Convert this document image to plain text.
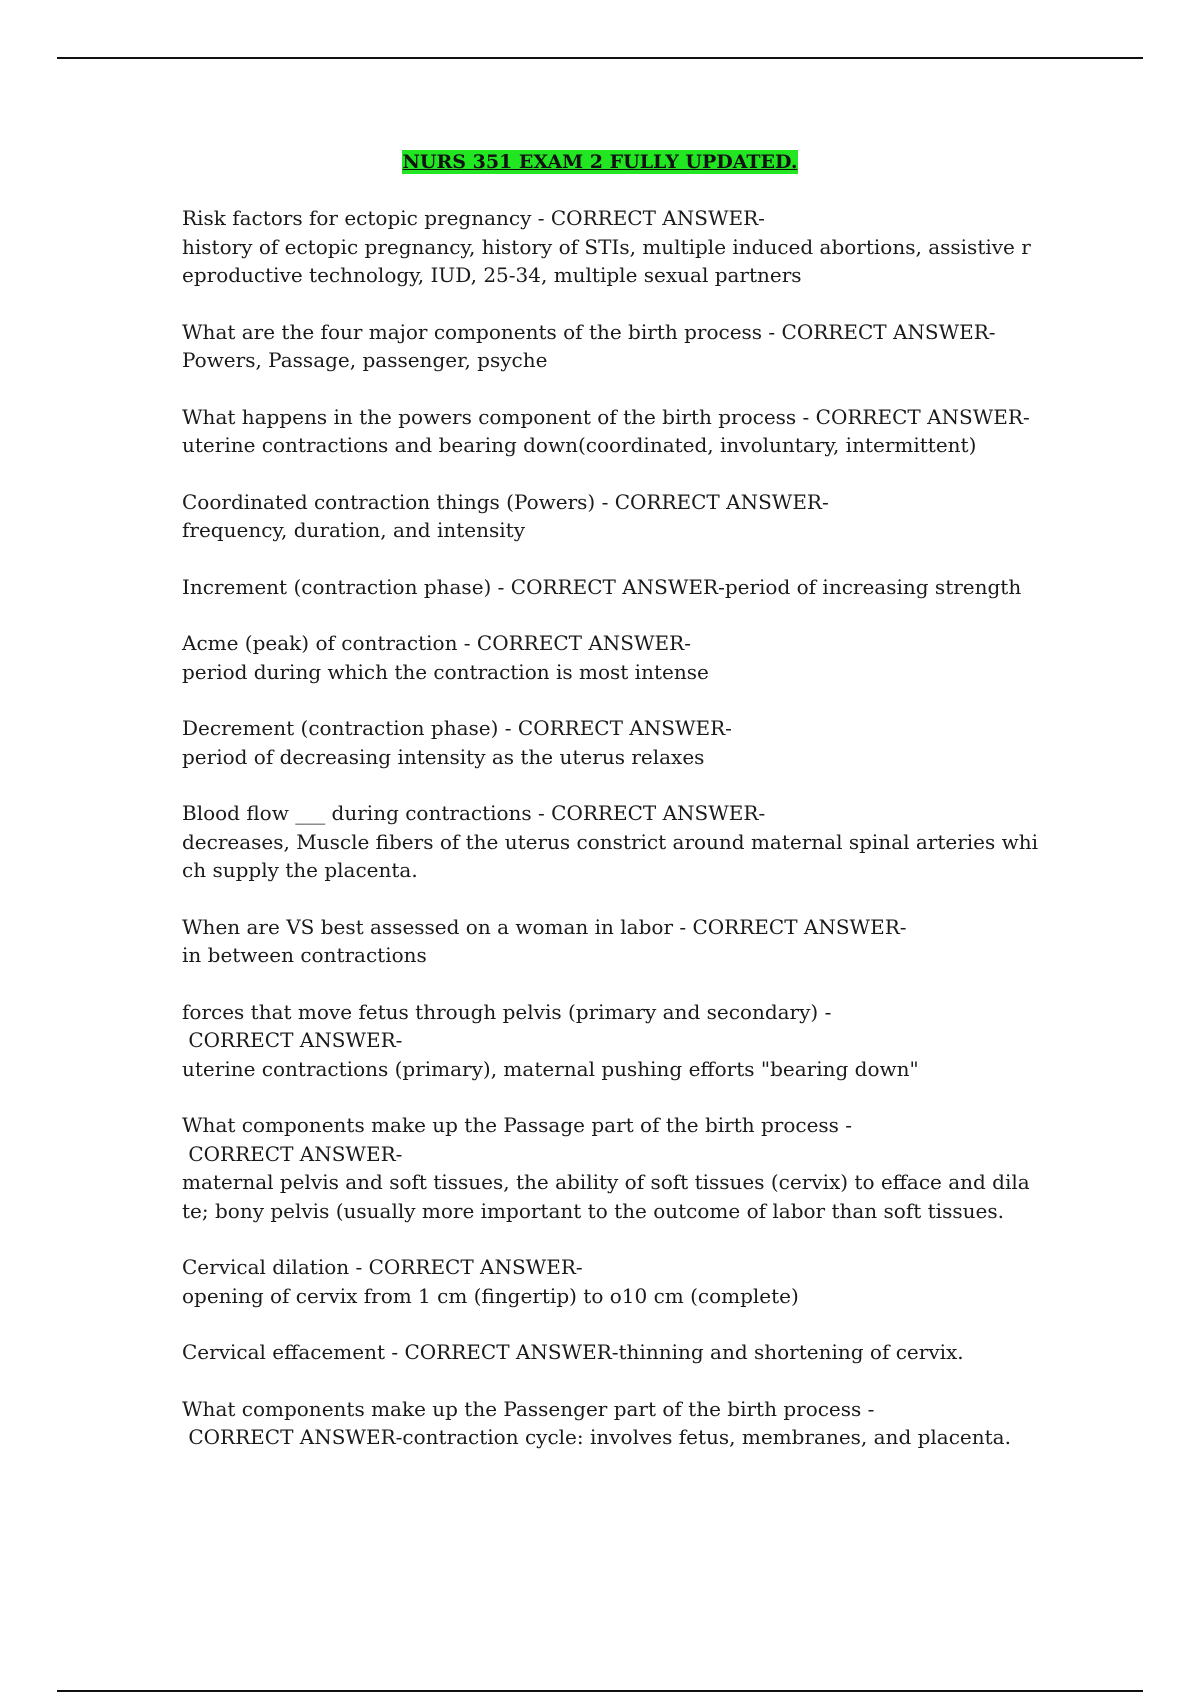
NURS 351 EXAM 2 FULLY UPDATED.
Risk factors for ectopic pregnancy - CORRECT ANSWER-
history of ectopic pregnancy, history of STIs, multiple induced abortions, assistive r
eproductive technology, IUD, 25-34, multiple sexual partners
What are the four major components of the birth process - CORRECT ANSWER-
Powers, Passage, passenger, psyche
What happens in the powers component of the birth process - CORRECT ANSWER-
uterine contractions and bearing down(coordinated, involuntary, intermittent)
Coordinated contraction things (Powers) - CORRECT ANSWER-
frequency, duration, and intensity
Increment (contraction phase) - CORRECT ANSWER-period of increasing strength
Acme (peak) of contraction - CORRECT ANSWER-
period during which the contraction is most intense
Decrement (contraction phase) - CORRECT ANSWER-
period of decreasing intensity as the uterus relaxes
Blood flow ___ during contractions - CORRECT ANSWER-
decreases, Muscle fibers of the uterus constrict around maternal spinal arteries whi
ch supply the placenta.
When are VS best assessed on a woman in labor - CORRECT ANSWER-
in between contractions
forces that move fetus through pelvis (primary and secondary) -
CORRECT ANSWER-
uterine contractions (primary), maternal pushing efforts "bearing down"
What components make up the Passage part of the birth process -
CORRECT ANSWER-
maternal pelvis and soft tissues, the ability of soft tissues (cervix) to efface and dila
te; bony pelvis (usually more important to the outcome of labor than soft tissues.
Cervical dilation - CORRECT ANSWER-
opening of cervix from 1 cm (fingertip) to o10 cm (complete)
Cervical effacement - CORRECT ANSWER-thinning and shortening of cervix.
What components make up the Passenger part of the birth process -
CORRECT ANSWER-contraction cycle: involves fetus, membranes, and placenta.
